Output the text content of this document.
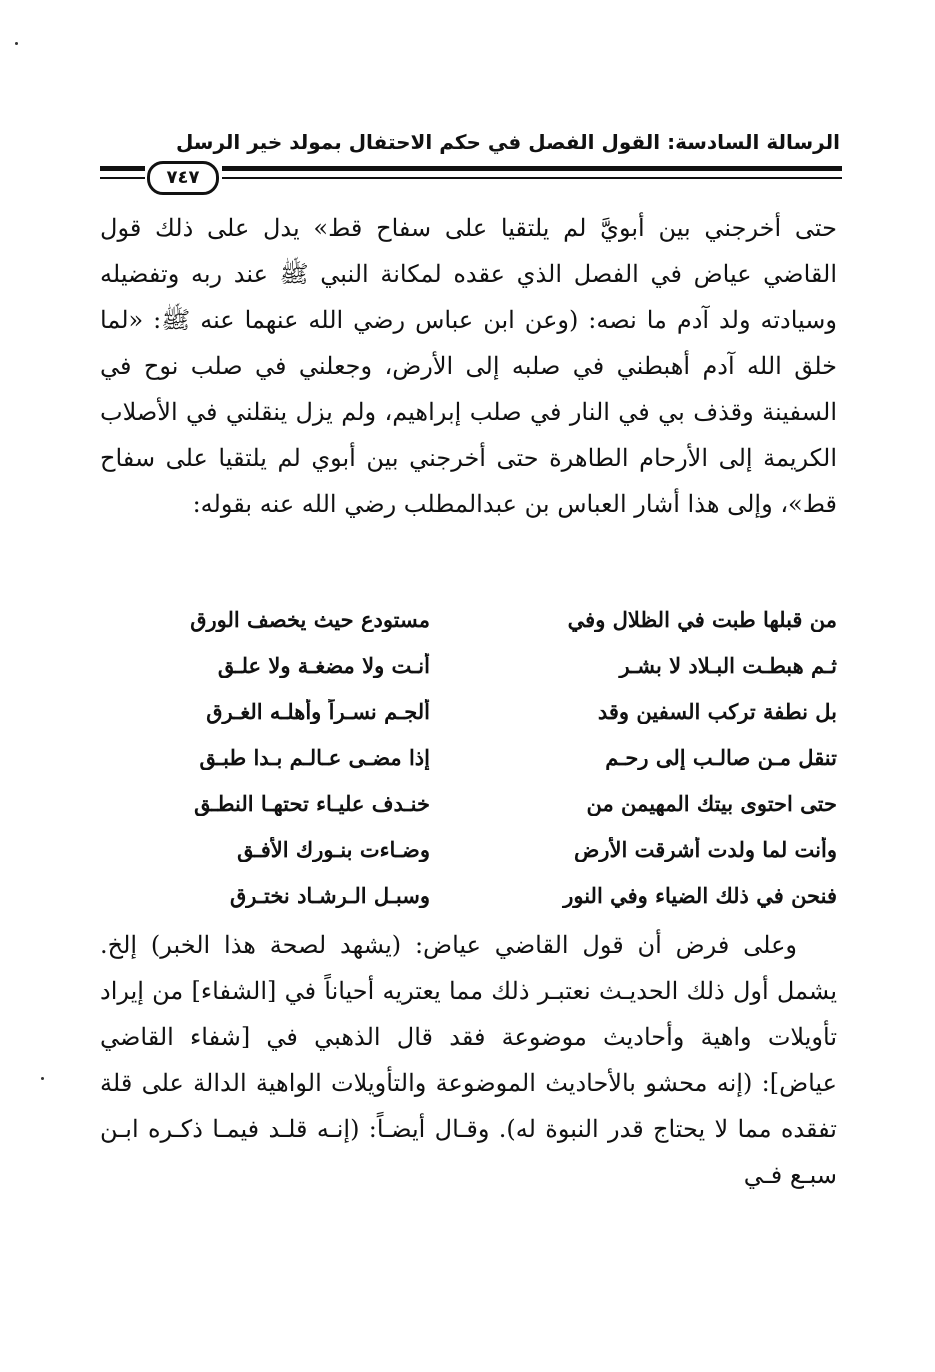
الرسالة السادسة: القول الفصل في حكم الاحتفال بمولد خير الرسل
٧٤٧

حتى أخرجني بين أبويَّ لم يلتقيا على سفاح قط» يدل على ذلك قول القاضي عياض في الفصل الذي عقده لمكانة النبي ﷺ عند ربه وتفضيله وسيادته ولد آدم ما نصه: (وعن ابن عباس رضي الله عنهما عنه ﷺ: «لما خلق الله آدم أهبطني في صلبه إلى الأرض، وجعلني في صلب نوح في السفينة وقذف بي في النار في صلب إبراهيم، ولم يزل ينقلني في الأصلاب الكريمة إلى الأرحام الطاهرة حتى أخرجني بين أبوي لم يلتقيا على سفاح قط»، وإلى هذا أشار العباس بن عبدالمطلب رضي الله عنه بقوله:

من قبلها طبت في الظلال وفي
مستودع حيث يخصف الورق
ثـم هبطـت البـلاد لا بشـر
أنـت ولا مضغـة ولا علـق
بل نطفة تركب السفين وقد
ألجـم نسـراً وأهلـه الغـرق
تنقل مـن صالـب إلى رحـم
إذا مضـى عـالـم بـدا طبـق
حتى احتوى بيتك المهيمن من
خنـدف عليـاء تحتهـا النطـق
وأنت لما ولدت أشرقت الأرض
وضـاءت بنـورك الأفـق
فنحن في ذلك الضياء وفي النور
وسبـل الـرشـاد نختـرق

وعلى فرض أن قول القاضي عياض: (يشهد لصحة هذا الخبر) إلخ. يشمل أول ذلك الحديـث نعتبـر ذلك مما يعتريه أحياناً في [الشفاء] من إيراد تأويلات واهية وأحاديث موضوعة فقد قال الذهبي في [شفاء القاضي عياض]: (إنه محشو بالأحاديث الموضوعة والتأويلات الواهية الدالة على قلة تفقده مما لا يحتاج قدر النبوة له). وقـال أيضـاً: (إنـه قلـد فيمـا ذكـره ابـن سبـع فـي
